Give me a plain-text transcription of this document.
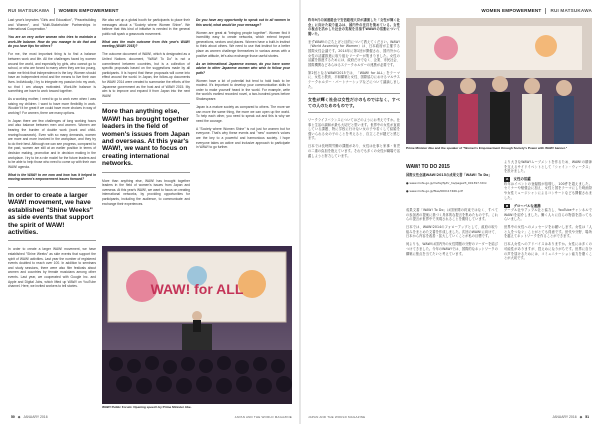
RUI MATSUKAWA WOMEN EMPOWERMENT

Last year's keynotes "Girls and Education", "Peacebuilding and Women", and "Multi-Stakeholder Partnerships in International Cooperation."

You are an very active woman who tries to maintain a work-life balance. How do you manage to do that and do you have tips for others?

For me, the most important thing is to find a balance between work and life. All the challenges faced by women around the world, and especially by girls, who cannot go to school, or who are forced to marry when they are too young, make me think that independence is the key. Women should have an independent mind and the means to live their own lives. Individually, I try to integrate my passion into my work, so that I am always motivated. Work-life balance is something we have to work toward together.

As a working mother, I need to go to work even when I was raising my children. I want to have more flexibility in work. Wouldn't it be great if we could have more choices in way of working? For women, there are many options.

In Japan there are few challenges of long working hours and also balance between men and women. Women are bearing the burden of double work (work and child-rearing/housework). Even with so many demands, women are more and more involved in the workplace, and they try to do their best. Although we can see progress, compared to the past, women are still at an earlier position in terms of decision making, promotion and in decision making in the workplace. I try to be a role model for the future leaders and to be able to help those who need to come up with their own WAW! agenda.

What is the WAW! to me now and how has it helped in moving women's empowerment issues forward?

In order to create a larger WAW! movement, we have established "Shine Weeks" as side events that support the spirit of WAW! activities.

In order to create a larger WAW! movement, we have established "Shine Weeks" as side events that support the spirit of WAW! activities. Last year the number of registered events doubled to reach over 100. In addition to seminars and study sessions, there were also film festivals about women and countries by female musicians among other events. Last year, we cooperated with Google Inc. and Apple and Digital Jobs, which lifted up WAW! on YouTube channel. Here, we invited workers to tell stories.

We also set up a global booth for participants to place their messages about a "Society where Women Shine". We believe that this kind of initiative is needed in the general public will spark a grassroots movement.

What was the main outcome from this year's WAW! meeting (WAW! 2015)?

The outcome document of WAW!, which is designated as a United Nations document, "WAW! To Do" is not a commitment between countries, but is a collection of specific proposals based on the suggestions made by all participants. It is hoped that these proposals will come into effect around the world. In Japan, the follow-up documents for WAW! 2014 were created to summarize the efforts of the Japanese government as the host and of WAW! 2015. My aim is to improve and expand it from Japan into the next WAW!

More than anything else, WAW! has brought together leaders in the field of women's issues from Japan and overseas. At this year's WAW!, we want to focus on creating international networks.

More than anything else, WAW! has brought together leaders in the field of women's issues from Japan and overseas. At this year's WAW!, we want to focus on creating international networks, by providing opportunities for participants, including the audience, to communicate and exchange their experiences.

Do you have any opportunity to speak out to all women in this world, what would be your message?

Women are great at "bringing people together". Women find it incredibly easy to create networks, which extend beyond generations, sectors and places. Women have a built-in instinct to think about others. We need to use that instinct for a better place as women challenge themselves in various areas with a positive attitude, let's also exchange those useful stories.

As an international Japanese woman, do you have some advice to other Japanese women who wish to follow your path?

Women have a lot of potential but tend to hold back to be modest. It's important to develop your communication skills in order to make yourself heard in the world. For example, write the world's earliest recorded novel, a two-hundred-years before Shakespeare.

Japan is a mature society as compared to others. The more we can move the same thing, the more we can open up the world. To help each other, you need to speak out and this is why we need the courage.

A "Society where Women Shine" is not just for women but for everyone. That's why these events and "new" women's voices are the key to a powerful and harmonious society. I hope everyone takes an active and inclusive approach to participate in WAW! to go further.

WAW! for ALL
WAW! Public Forum: Opening speech by Prime Minister Abe.
50 ◆ JANUARY 2016	JAPAN AND THE WORLD MAGAZINE
WOMEN EMPOWERMENT RUI MATSUKAWA

昨年9月の国連総会で安倍総理大臣が講演した「女性が輝く社会」に向けた取り組みは、国内外の注目を集めている。女性の視点を活かした社会の実現を目指すWAW!の活動について聞いた。

まずWAW!の立ち上げと目的について教えてください。WAW!（World Assembly for Women）は、日本政府が主催する国際女性会議です。2014年に第1回が開催され、国内外から女性の活躍推進に取り組むリーダーが集まりました。女性の活躍を推進するためには、政府だけでなく、企業、市民社会、国際機関などあらゆるステークホルダーの連携が必要です。

第2回となるWAW!2015では、「WAW! for ALL」をテーマに、女性と教育、平和構築と女性、国際協力におけるマルチステークホルダー・パートナーシップなどについて議論しました。

女性が輝く社会は女性だけのものではなく、すべての人のためのものです。

ワークライフバランスについてはどのようにお考えですか。仕事と生活の調和が最も大切だと思います。世界中の女性が直面している課題、特に学校に行けない女の子や若くして結婚を強いられる女の子のことを考えると、自立こそが鍵だと感じます。

日本では長時間労働の課題があり、女性は仕事と家事・育児の二重の負担を抱えています。それでも多くの女性が職場で活躍しようと努力しています。

Prime Minister Abe and the speaker of "Women's Empowerment through Society's Power with WAW! banner."
WAW! TO DO 2015

国際女性会議WAW!2015の成果文書「WAW! To Do」

● www.mofa.go.jp/mofaj/fp/hr_ha/page23_001397.html

● www.mofa.go.jp/files/000117466.pdf

成果文書「WAW! To Do」は国家間の約束ではなく、すべての参加者の提案に基づく具体的な提言を集めたものです。これらの提言が世界中で実現されることを期待しています。

日本では、WAW!2014のフォローアップとして、政府の取り組みをまとめた文書を作成しました。次回のWAW!に向けて、日本から内容を改善・拡大していくことが私の目標です。

何よりも、WAW!は国内外の女性問題の分野のリーダーを結びつけてきました。今年のWAW!では、国際的なネットワークの構築に焦点を当てたいと考えています。

より大きなWAW!ムーブメントを作るため、WAW!の精神を支えるサイドイベントとして「シャイン・ウィークス」を設けました。

A 女性の活躍

昨年はイベントの登録数が倍増し、100件を超えました。セミナーや勉強会に加え、女性と国をテーマにした映画祭や女性ミュージシャンによるコンサートなども開催されました。

B グローバルな連携

グーグル社やアップル社と協力し、YouTubeチャンネルでWAW!を紹介しました。働く人々に自らの物語を語ってもらいました。

世界中の女性へのメッセージをお願いします。女性は「人と人をつなぐ」ことがとても得意です。世代や分野、場所を越えてネットワークを作ることができます。

日本人女性へのアドバイスはありますか。女性には多くの可能性がありますが、控えめになりがちです。世界に自分の声を届けるためには、コミュニケーション能力を磨くことが大切です。

JAPAN AND THE WORLD MAGAZINE	JANUARY 2016 ◆ 51
